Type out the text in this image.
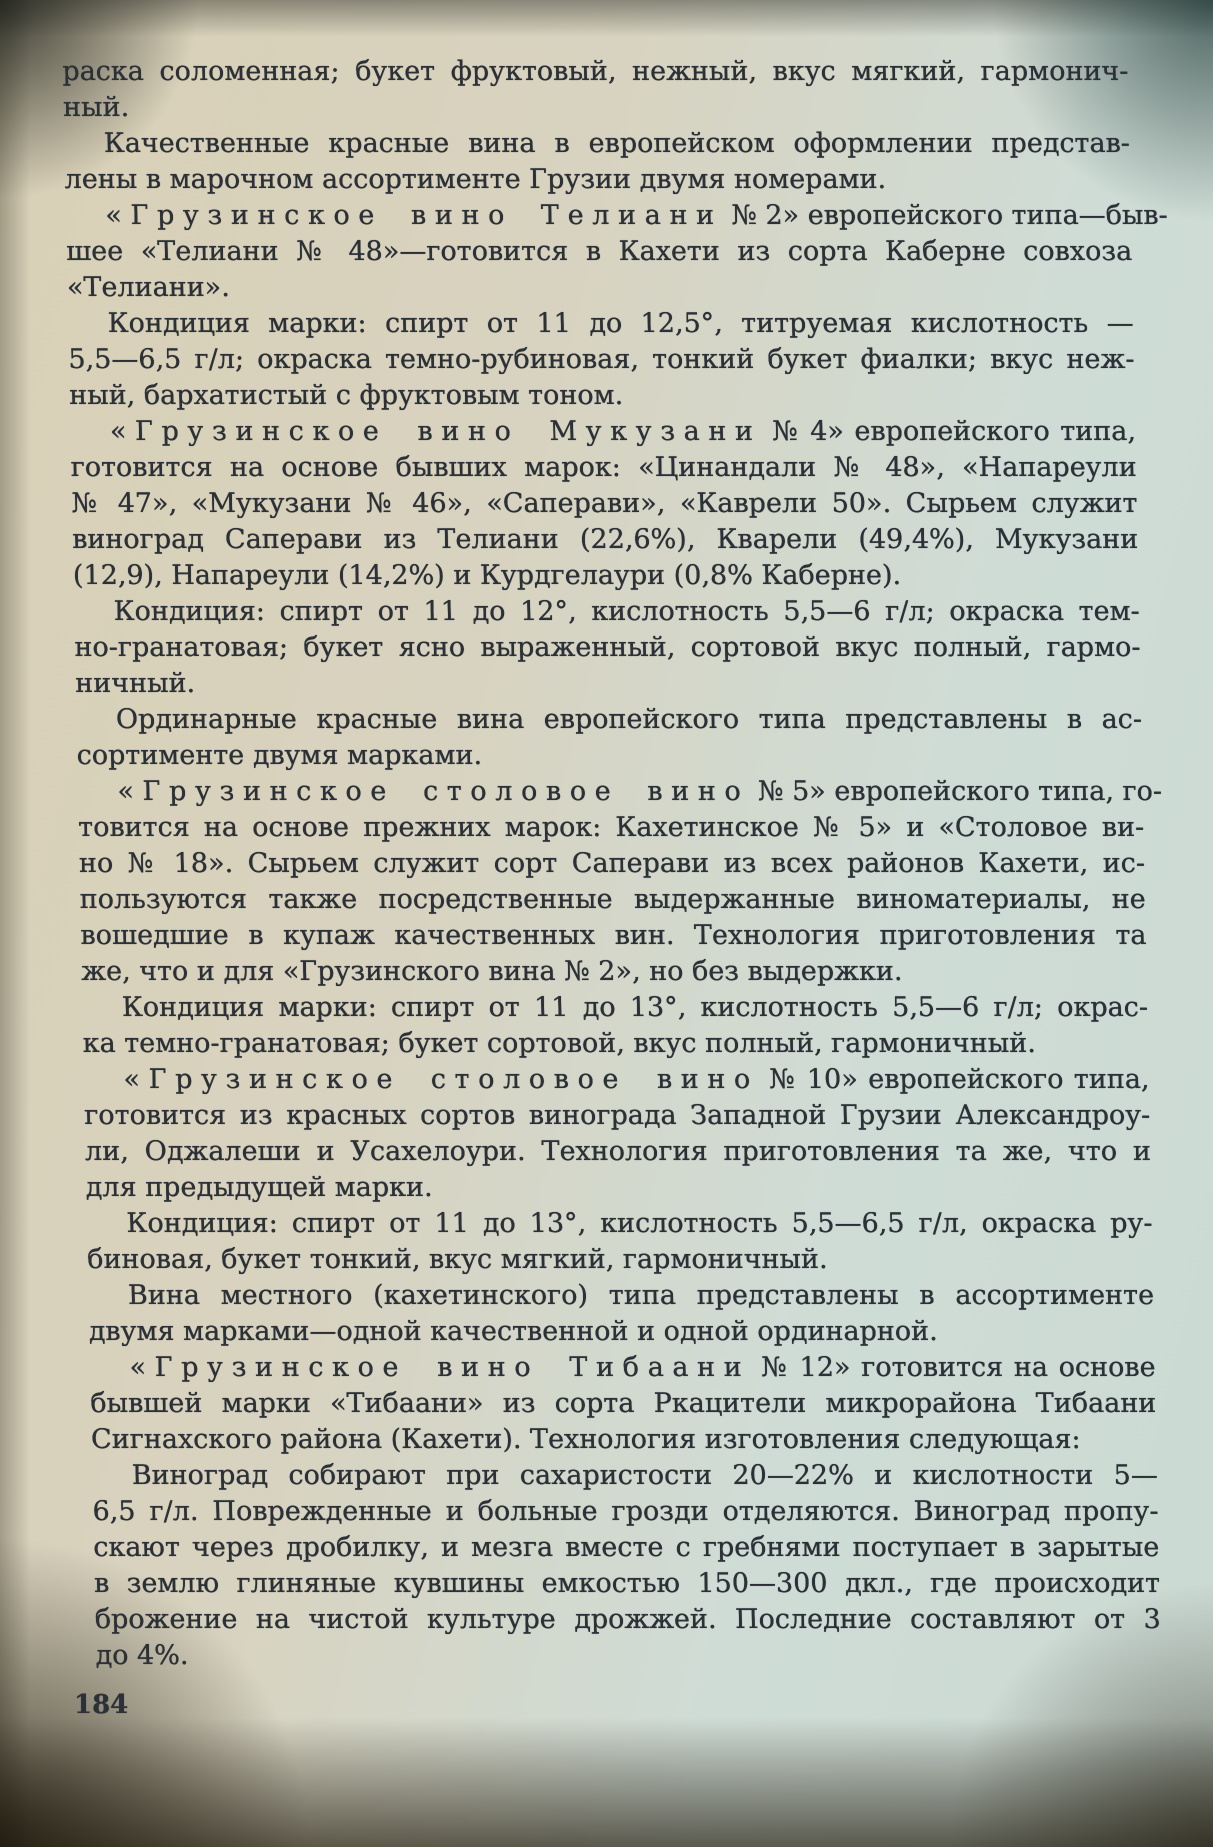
раска соломенная; букет фруктовый, нежный, вкус мягкий, гармонич-
ный.
Качественные красные вина в европейском оформлении представ-
лены в марочном ассортименте Грузии двумя номерами.
«Грузинское вино Телиани № 2» европейского типа—быв-
шее «Телиани № 48»—готовится в Кахети из сорта Каберне совхоза
«Телиани».
Кондиция марки: спирт от 11 до 12,5°, титруемая кислотность —
5,5—6,5 г/л; окраска темно-рубиновая, тонкий букет фиалки; вкус неж-
ный, бархатистый с фруктовым тоном.
«Грузинское вино Мукузани № 4» европейского типа,
готовится на основе бывших марок: «Цинандали № 48», «Напареули
№ 47», «Мукузани № 46», «Саперави», «Каврели 50». Сырьем служит
виноград Саперави из Телиани (22,6%), Кварели (49,4%), Мукузани
(12,9), Напареули (14,2%) и Курдгелаури (0,8% Каберне).
Кондиция: спирт от 11 до 12°, кислотность 5,5—6 г/л; окраска тем-
но-гранатовая; букет ясно выраженный, сортовой вкус полный, гармо-
ничный.
Ординарные красные вина европейского типа представлены в ас-
сортименте двумя марками.
«Грузинское столовое вино № 5» европейского типа, го-
товится на основе прежних марок: Кахетинское № 5» и «Столовое ви-
но № 18». Сырьем служит сорт Саперави из всех районов Кахети, ис-
пользуются также посредственные выдержанные виноматериалы, не
вошедшие в купаж качественных вин. Технология приготовления та
же, что и для «Грузинского вина № 2», но без выдержки.
Кондиция марки: спирт от 11 до 13°, кислотность 5,5—6 г/л; окрас-
ка темно-гранатовая; букет сортовой, вкус полный, гармоничный.
«Грузинское столовое вино № 10» европейского типа,
готовится из красных сортов винограда Западной Грузии Александроу-
ли, Оджалеши и Усахелоури. Технология приготовления та же, что и
для предыдущей марки.
Кондиция: спирт от 11 до 13°, кислотность 5,5—6,5 г/л, окраска ру-
биновая, букет тонкий, вкус мягкий, гармоничный.
Вина местного (кахетинского) типа представлены в ассортименте
двумя марками—одной качественной и одной ординарной.
«Грузинское вино Тибаани № 12» готовится на основе
бывшей марки «Тибаани» из сорта Ркацители микрорайона Тибаани
Сигнахского района (Кахети). Технология изготовления следующая:
Виноград собирают при сахаристости 20—22% и кислотности 5—
6,5 г/л. Поврежденные и больные грозди отделяются. Виноград пропу-
скают через дробилку, и мезга вместе с гребнями поступает в зарытые
в землю глиняные кувшины емкостью 150—300 дкл., где происходит
брожение на чистой культуре дрожжей. Последние составляют от 3
до 4%.
184
